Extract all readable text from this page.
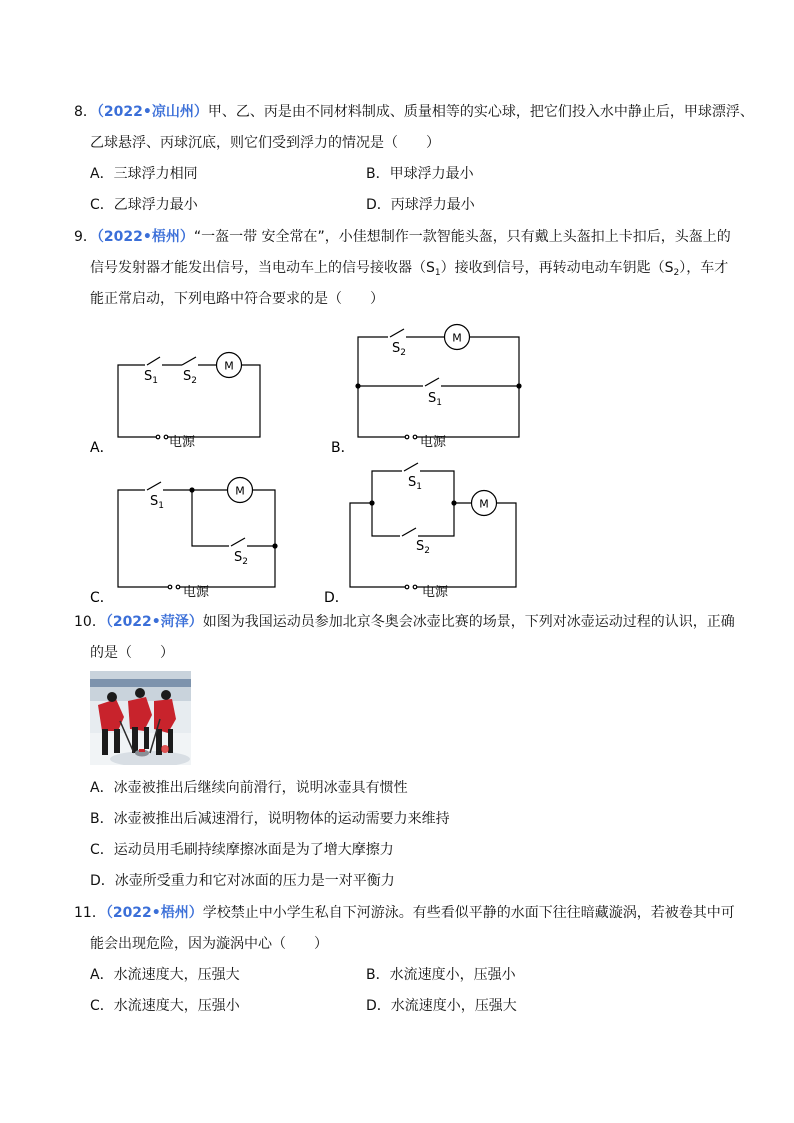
8．（2022•凉山州）甲、乙、丙是由不同材料制成、质量相等的实心球，把它们投入水中静止后，甲球漂浮、
乙球悬浮、丙球沉底，则它们受到浮力的情况是（　　）
A．三球浮力相同	B．甲球浮力最小
C．乙球浮力最小	D．丙球浮力最小
9．（2022•梧州）“一盔一带 安全常在”，小佳想制作一款智能头盔，只有戴上头盔扣上卡扣后，头盔上的
信号发射器才能发出信号，当电动车上的信号接收器$(S_1)$接收到信号，再转动电动车钥匙$(S_2)$，车才
能正常启动，下列电路中符合要求的是（　　）
$S_1$ $S_2$
M
电源
$S_2$
$S_1$
M
电源
$S_1$
$S_2$
M
电源
$S_1$
$S_2$
M
电源
A．	B．
C．	D．
10．（2022•菏泽）如图为我国运动员参加北京冬奥会冰壶比赛的场景，下列对冰壶运动过程的认识，正确
的是（　　）
A．冰壶被推出后继续向前滑行，说明冰壶具有惯性
B．冰壶被推出后减速滑行，说明物体的运动需要力来维持
C．运动员用毛刷持续摩擦冰面是为了增大摩擦力
D．冰壶所受重力和它对冰面的压力是一对平衡力
11．（2022•梧州）学校禁止中小学生私自下河游泳。有些看似平静的水面下往往暗藏漩涡，若被卷其中可
能会出现危险，因为漩涡中心（　　）
A．水流速度大，压强大	B．水流速度小，压强小
C．水流速度大，压强小	D．水流速度小，压强大
